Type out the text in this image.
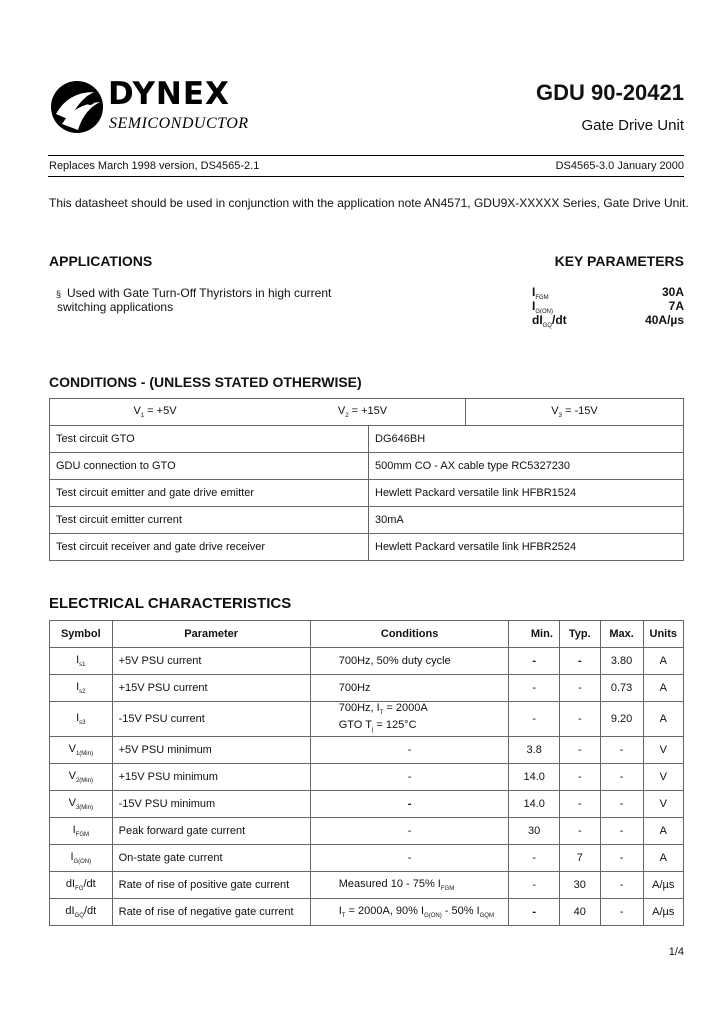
DYNEX
SEMICONDUCTOR
GDU 90-20421
Gate Drive Unit
Replaces March 1998 version, DS4565-2.1	DS4565-3.0 January 2000
This datasheet should be used in conjunction with the application note AN4571, GDU9X-XXXXX Series, Gate Drive Unit.
APPLICATIONS
§ Used with Gate Turn-Off Thyristors in high current
switching applications
KEY PARAMETERS
$I_{FGM}$	30A
$I_{G(ON)}$	7A
$dI_{GQ}/dt$	40A/µs
CONDITIONS - (UNLESS STATED OTHERWISE)
$V_1 = +5V$ $V_2 = +15V$ $V_3 = -15V$	

Test circuit GTO	DG646BH
GDU connection to GTO	500mm CO - AX cable type RC5327230
Test circuit emitter and gate drive emitter	Hewlett Packard versatile link HFBR1524
Test circuit emitter current	30mA
Test circuit receiver and gate drive receiver	Hewlett Packard versatile link HFBR2524
ELECTRICAL CHARACTERISTICS
Symbol	Parameter	Conditions	Min.	Typ.	Max.	Units
$I_{s1}$	+5V PSU current	700Hz, 50% duty cycle	-	-	3.80	A
$I_{s2}$	+15V PSU current	700Hz	-	-	0.73	A
$I_{s3}$	-15V PSU current	700Hz, $I_T = 2000A$
GTO $T_j = 125^\circ C$	-	-	9.20	A
$V_{1(Min)}$	+5V PSU minimum	-	3.8	-	-	V
$V_{2(Min)}$	+15V PSU minimum	-	14.0	-	-	V
$V_{3(Min)}$	-15V PSU minimum	-	14.0	-	-	V
$I_{FGM}$	Peak forward gate current	-	30	-	-	A
$I_{G(ON)}$	On-state gate current	-	-	7	-	A
$dI_{FG}/dt$	Rate of rise of positive gate current	Measured 10 - 75% $I_{FGM}$	-	30	-	A/µs
$dI_{GQ}/dt$	Rate of rise of negative gate current	$I_T = 2000A$, 90% $I_{G(ON)} - 50\%$ $I_{GQM}$	-	40	-	A/µs
1/4
